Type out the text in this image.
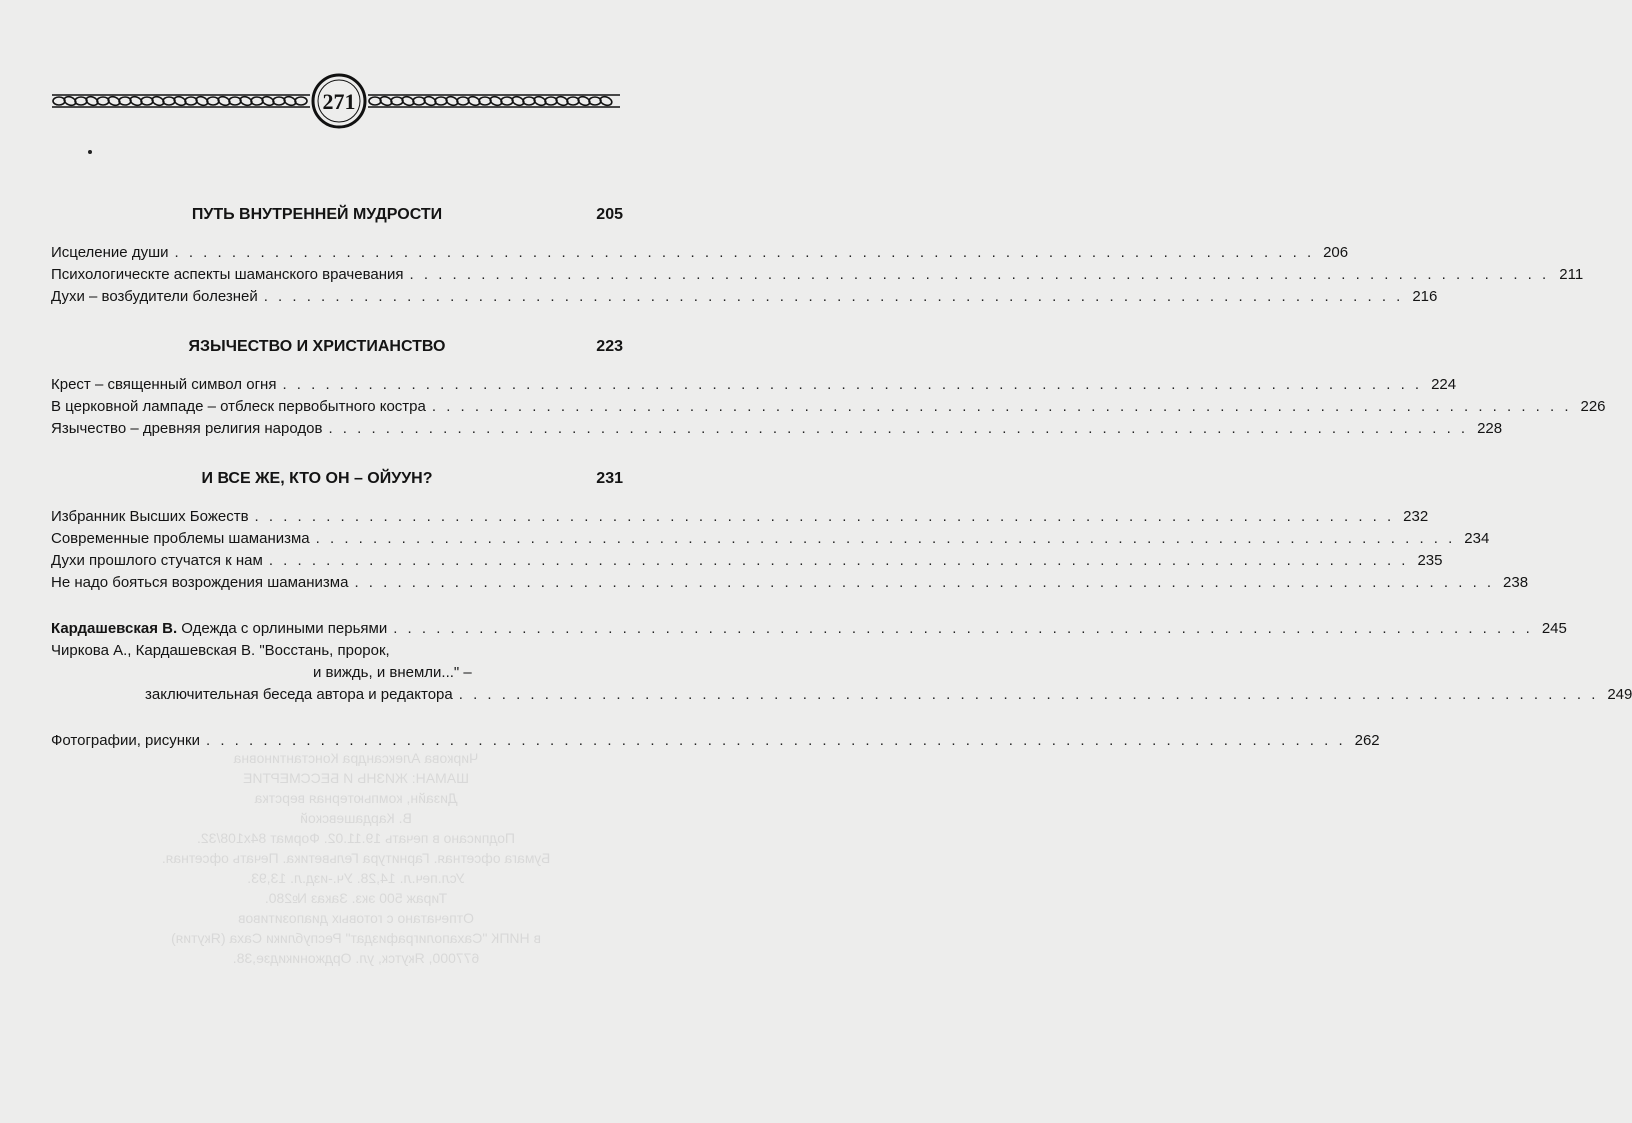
271
ПУТЬ ВНУТРЕННЕЙ МУДРОСТИ	205
Исцеление души . . . . . . . . . . . . . . . . . . . . . . . . . . . . . . . . . . . . . . . . . . . . . . . . . . . . . . . . . . . . . . . . . . . . . . . . . . . . . . . . 206
Психологическте аспекты шаманского врачевания . . . . . . . . . . . . . . . . . . . . . . . . . . . . . . . . . . . . . . . . . . . . . . . . . . . . . . . . . . . . . . . . . . . . . . . . . . . . . . . . 211
Духи – возбудители болезней . . . . . . . . . . . . . . . . . . . . . . . . . . . . . . . . . . . . . . . . . . . . . . . . . . . . . . . . . . . . . . . . . . . . . . . . . . . . . . . . 216
ЯЗЫЧЕСТВО И ХРИСТИАНСТВО	223
Крест – священный символ огня . . . . . . . . . . . . . . . . . . . . . . . . . . . . . . . . . . . . . . . . . . . . . . . . . . . . . . . . . . . . . . . . . . . . . . . . . . . . . . . . 224
В церковной лампаде – отблеск первобытного костра . . . . . . . . . . . . . . . . . . . . . . . . . . . . . . . . . . . . . . . . . . . . . . . . . . . . . . . . . . . . . . . . . . . . . . . . . . . . . . . . 226
Язычество – древняя религия народов . . . . . . . . . . . . . . . . . . . . . . . . . . . . . . . . . . . . . . . . . . . . . . . . . . . . . . . . . . . . . . . . . . . . . . . . . . . . . . . . 228
И ВСЕ ЖЕ, КТО ОН – ОЙУУН?	231
Избранник Высших Божеств . . . . . . . . . . . . . . . . . . . . . . . . . . . . . . . . . . . . . . . . . . . . . . . . . . . . . . . . . . . . . . . . . . . . . . . . . . . . . . . . 232
Современные проблемы шаманизма . . . . . . . . . . . . . . . . . . . . . . . . . . . . . . . . . . . . . . . . . . . . . . . . . . . . . . . . . . . . . . . . . . . . . . . . . . . . . . . . 234
Духи прошлого стучатся к нам . . . . . . . . . . . . . . . . . . . . . . . . . . . . . . . . . . . . . . . . . . . . . . . . . . . . . . . . . . . . . . . . . . . . . . . . . . . . . . . . 235
Не надо бояться возрождения шаманизма . . . . . . . . . . . . . . . . . . . . . . . . . . . . . . . . . . . . . . . . . . . . . . . . . . . . . . . . . . . . . . . . . . . . . . . . . . . . . . . . 238
Кардашевская В. Одежда с орлиными перьями . . . . . . . . . . . . . . . . . . . . . . . . . . . . . . . . . . . . . . . . . . . . . . . . . . . . . . . . . . . . . . . . . . . . . . . . . . . . . . . . 245
Чиркова А., Кардашевская В. "Восстань, пророк,
и виждь, и внемли..." –
заключительная беседа автора и редактора . . . . . . . . . . . . . . . . . . . . . . . . . . . . . . . . . . . . . . . . . . . . . . . . . . . . . . . . . . . . . . . . . . . . . . . . . . . . . . . . 249
Фотографии, рисунки . . . . . . . . . . . . . . . . . . . . . . . . . . . . . . . . . . . . . . . . . . . . . . . . . . . . . . . . . . . . . . . . . . . . . . . . . . . . . . . . 262
Чиркова Александра Константиновна
ШАМАН: ЖИЗНЬ И БЕССМЕРТИЕ
Дизайн, компьютерная верстка
В. Кардашевской
Подписано в печать 19.11.02. Формат 84х108/32.
Бумага офсетная. Гарнитура Гельветика. Печать офсетная.
Усл.печ.л. 14,28. Уч.-изд.л. 13,93.
Тираж 500 экз. Заказ №280.
Отпечатано с готовых диапозитивов
в НИПК "Сахаполиграфиздат" Республики Саха (Якутия)
677000, Якутск, ул. Орджоникидзе,38.
